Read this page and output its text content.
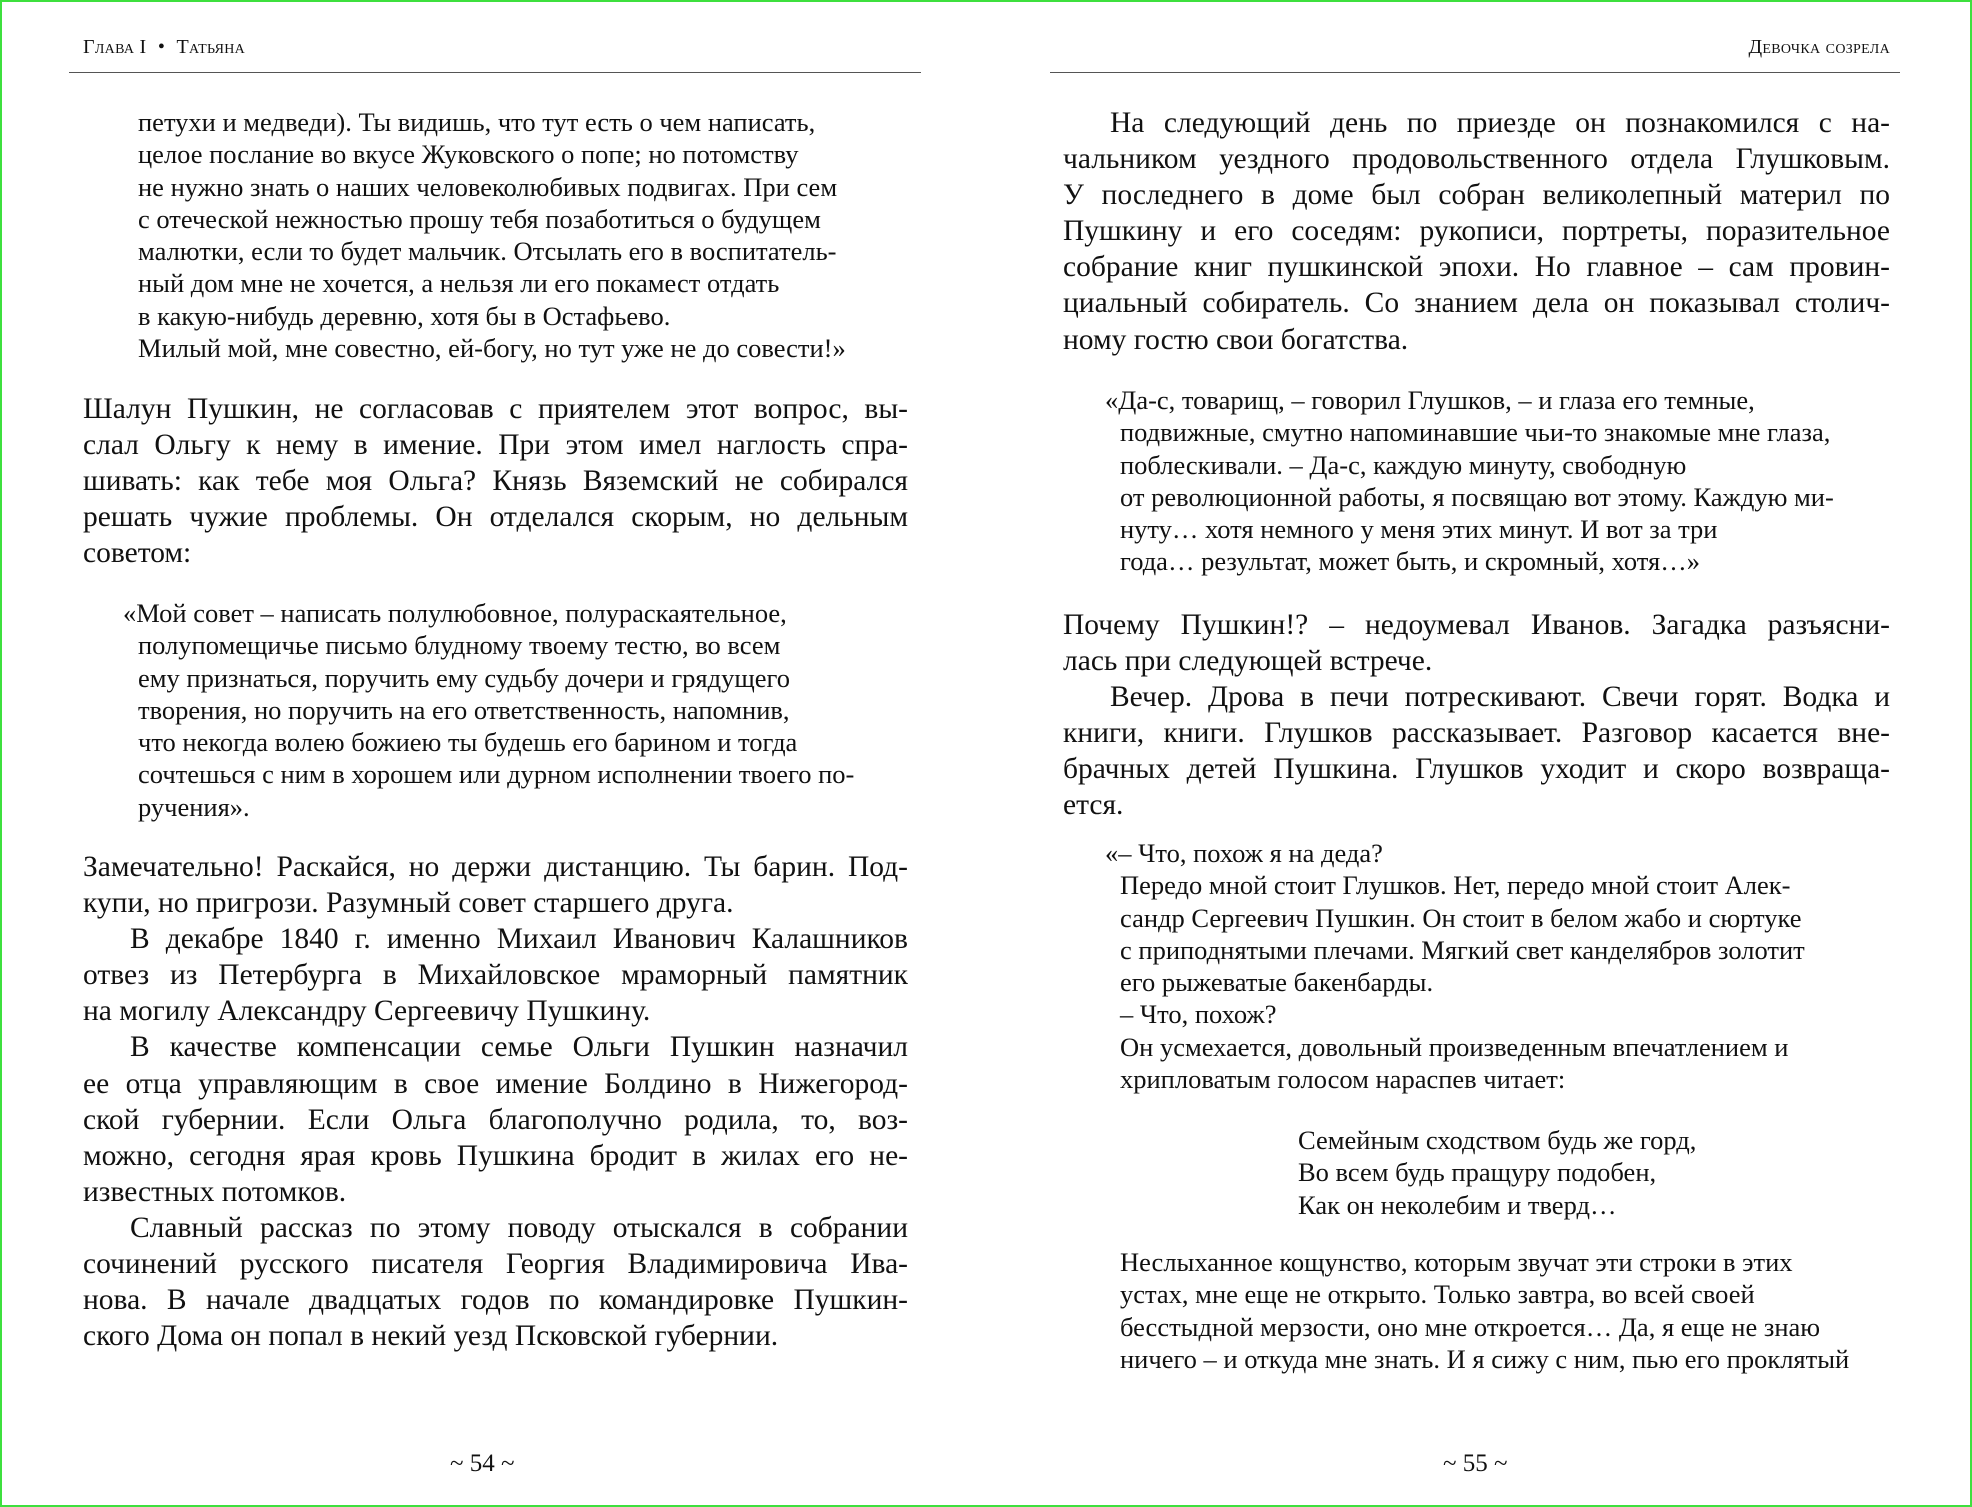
Глава I • Татьяна
петухи и медведи). Ты видишь, что тут есть о чем написать,
целое послание во вкусе Жуковского о попе; но потомству
не нужно знать о наших человеколюбивых подвигах. При сем
с отеческой нежностью прошу тебя позаботиться о будущем
малютки, если то будет мальчик. Отсылать его в воспитатель-
ный дом мне не хочется, а нельзя ли его покамест отдать
в какую-нибудь деревню, хотя бы в Остафьево.
Милый мой, мне совестно, ей-богу, но тут уже не до совести!»
Шалун Пушкин, не согласовав с приятелем этот вопрос, вы-
слал Ольгу к нему в имение. При этом имел наглость спра-
шивать: как тебе моя Ольга? Князь Вяземский не собирался
решать чужие проблемы. Он отделался скорым, но дельным
советом:
«Мой совет – написать полулюбовное, полураскаятельное,
полупомещичье письмо блудному твоему тестю, во всем
ему признаться, поручить ему судьбу дочери и грядущего
творения, но поручить на его ответственность, напомнив,
что некогда волею божиею ты будешь его барином и тогда
сочтешься с ним в хорошем или дурном исполнении твоего по-
ручения».
Замечательно! Раскайся, но держи дистанцию. Ты барин. Под-
купи, но пригрози. Разумный совет старшего друга.
В декабре 1840 г. именно Михаил Иванович Калашников
отвез из Петербурга в Михайловское мраморный памятник
на могилу Александру Сергеевичу Пушкину.
В качестве компенсации семье Ольги Пушкин назначил
ее отца управляющим в свое имение Болдино в Нижегород-
ской губернии. Если Ольга благополучно родила, то, воз-
можно, сегодня ярая кровь Пушкина бродит в жилах его не-
известных потомков.
Славный рассказ по этому поводу отыскался в собрании
сочинений русского писателя Георгия Владимировича Ива-
нова. В начале двадцатых годов по командировке Пушкин-
ского Дома он попал в некий уезд Псковской губернии.
~ 54 ~
Девочка созрела
На следующий день по приезде он познакомился с на-
чальником уездного продовольственного отдела Глушковым.
У последнего в доме был собран великолепный материл по
Пушкину и его соседям: рукописи, портреты, поразительное
собрание книг пушкинской эпохи. Но главное – сам провин-
циальный собиратель. Со знанием дела он показывал столич-
ному гостю свои богатства.
«Да-с, товарищ, – говорил Глушков, – и глаза его темные,
подвижные, смутно напоминавшие чьи-то знакомые мне глаза,
поблескивали. – Да-с, каждую минуту, свободную
от революционной работы, я посвящаю вот этому. Каждую ми-
нуту… хотя немного у меня этих минут. И вот за три
года… результат, может быть, и скромный, хотя…»
Почему Пушкин!? – недоумевал Иванов. Загадка разъясни-
лась при следующей встрече.
Вечер. Дрова в печи потрескивают. Свечи горят. Водка и
книги, книги. Глушков рассказывает. Разговор касается вне-
брачных детей Пушкина. Глушков уходит и скоро возвраща-
ется.
«– Что, похож я на деда?
Передо мной стоит Глушков. Нет, передо мной стоит Алек-
сандр Сергеевич Пушкин. Он стоит в белом жабо и сюртуке
с приподнятыми плечами. Мягкий свет канделябров золотит
его рыжеватые бакенбарды.
– Что, похож?
Он усмехается, довольный произведенным впечатлением и
хрипловатым голосом нараспев читает:
Семейным сходством будь же горд,
Во всем будь пращуру подобен,
Как он неколебим и тверд…
Неслыханное кощунство, которым звучат эти строки в этих
устах, мне еще не открыто. Только завтра, во всей своей
бесстыдной мерзости, оно мне откроется… Да, я еще не знаю
ничего – и откуда мне знать. И я сижу с ним, пью его проклятый
~ 55 ~
